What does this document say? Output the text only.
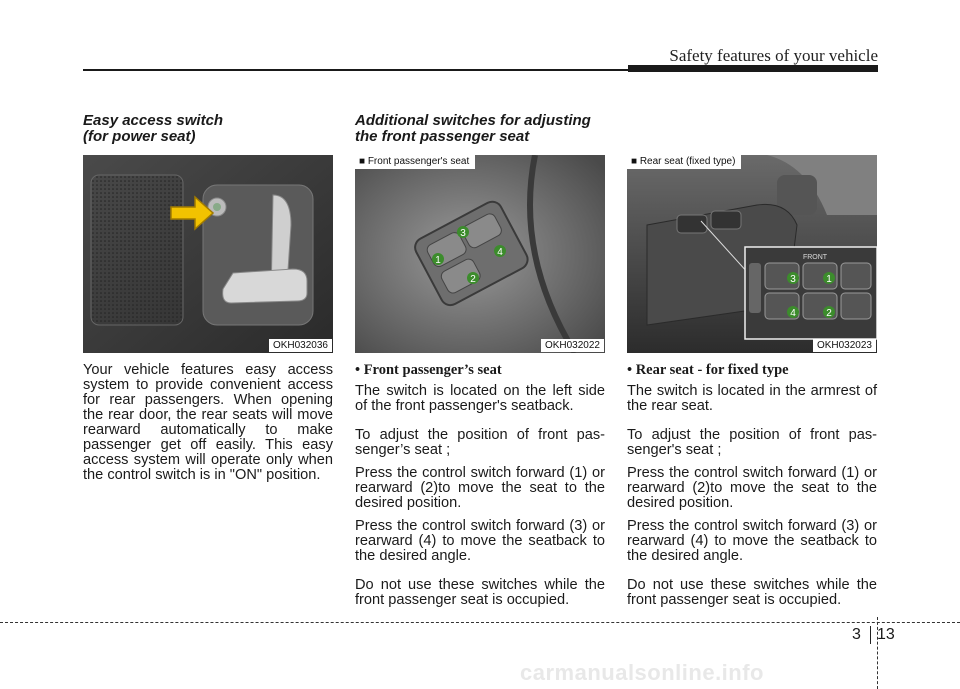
Safety features of your vehicle
Easy access switch
(for power seat)
OKH032036

Your vehicle features easy access system to provide convenient access for rear passengers. When opening the rear door, the rear seats will move rearward automatically to make passenger get off easily. This easy access system will operate only when the control switch is in "ON" position.

Additional switches for adjusting
the front passenger seat
3
4
1
2
■ Front passenger's seat
OKH032022

• Front passenger’s seat

The switch is located on the left side of the front passenger's seatback.

To adjust the position of front pas-senger’s seat ;

Press the control switch forward (1) or rearward (2)to move the seat to the desired position.

Press the control switch forward (3) or rearward (4) to move the seatback to the desired angle.

Do not use these switches while the front passenger seat is occupied.

FRONT
3	1
4	2
■ Rear seat (fixed type)
OKH032023

• Rear seat - for fixed type

The switch is located in the armrest of the rear seat.

To adjust the position of front pas-senger's seat ;

Press the control switch forward (1) or rearward (2)to move the seat to the desired position.

Press the control switch forward (3) or rearward (4) to move the seatback to the desired angle.

Do not use these switches while the front passenger seat is occupied.

3 13
carmanualsonline.info
